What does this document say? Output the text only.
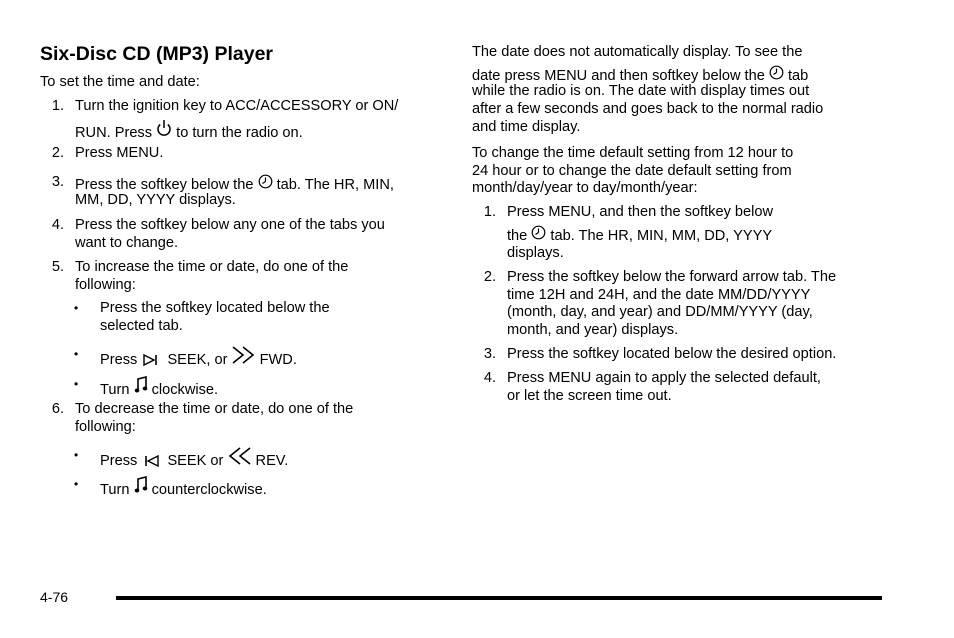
Six-Disc CD (MP3) Player

To set the time and date:

1. Turn the ignition key to ACC/ACCESSORY or ON/
RUN. Press to turn the radio on.
2. Press MENU.
3. Press the softkey below the tab. The HR, MIN,
MM, DD, YYYY displays.
4. Press the softkey below any one of the tabs you
want to change.
5. To increase the time or date, do one of the
following:
• Press the softkey located below the
selected tab.
• Press SEEK, or FWD.
• Turn clockwise.
6. To decrease the time or date, do one of the
following:
• Press SEEK or REV.
• Turn counterclockwise.

The date does not automatically display. To see the

date press MENU and then softkey below the tab

while the radio is on. The date with display times out

after a few seconds and goes back to the normal radio

and time display.

To change the time default setting from 12 hour to

24 hour or to change the date default setting from

month/day/year to day/month/year:

1. Press MENU, and then the softkey below
the tab. The HR, MIN, MM, DD, YYYY
displays.
2. Press the softkey below the forward arrow tab. The
time 12H and 24H, and the date MM/DD/YYYY
(month, day, and year) and DD/MM/YYYY (day,
month, and year) displays.
3. Press the softkey located below the desired option.
4. Press MENU again to apply the selected default,
or let the screen time out.
4-76
